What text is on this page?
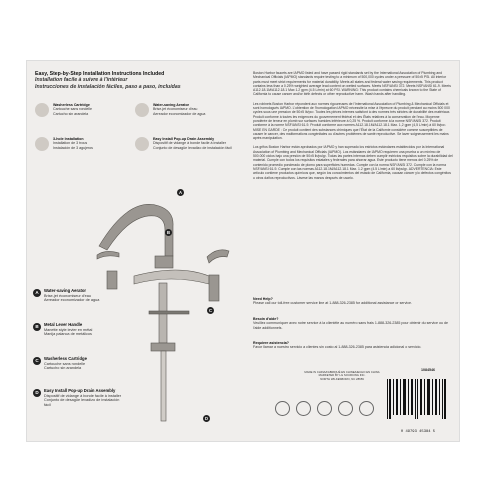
Easy, Step-by-Step Installation Instructions Included

Installation facile à suivre à l'intérieur

Instrucciones de instalación fáciles, paso a paso, incluidas

Washerless Cartridge
Cartouche sans rondelle
Cartucho sin arandela
Water-saving Aerator
Brise-jet économiseur d'eau
Aereador economizador de agua
3-hole Installation
Installation de 3 trous
Instalación de 3 agujeros
Easy Install Pop-up Drain Assembly
Dispositif de vidange à bonde facile à installer
Conjunto de desagüe levadizo de instalación fácil
A
B
C
D
A	Water-saving Aerator
Brise-jet économiseur d'eau
Aereador economizador de agua
B	Metal Lever Handle
Manette style levier en métal
Manija palanca de metálicos
C	Washerless Cartridge
Cartouche sans rondelle
Cartucho sin arandela
D	Easy Install Pop-up Drain Assembly
Dispositif de vidange à bonde facile à installer
Conjunto de desagüe levadizo de instalación fácil

Boston Harbor faucets are IAPMO listed and have passed rigid standards set by the International Association of Plumbing and Mechanical Officials (IAPMO) standards require testing to a minimum of 500,000 cycles under a pressure of 50±5 PSI. All interior parts must meet strict requirements for material durability. Meets all states and federal water saving requirements. This product contains less than a 0.25% weighted average lead content on wetted surfaces. Meets NSF/ANSI 372. Meets NSF/ANSI 61-9. Meets A112.18.1M/A112.18.1 Max 1.2 gpm (4.5 L/min) at 60 PSI. WARNING: This product contains chemicals known to the State of California to cause cancer and/or birth defects or other reproductive harm. Wash hands after handling.

Les robinets Boston Harbor répondent aux normes rigoureuses de l'International Association of Plumbing & Mechanical Officials et sont homologués IAPMO. L'obtention de l'homologation IAPMO nécessite la mise à l'épreuve du produit pendant au moins 500 000 cycles sous une pression de 50±5 lb/po². Toutes les pièces internes satisfont à des normes très strictes de durabilité des matériaux. Produit conforme à toutes les exigences du gouvernement fédéral et des États relatives à la conservation de l'eau. Moyenne pondérée de teneur en plomb sur surfaces humides inférieure à 0,25 %. Produit conforme à la norme NSF/ANSI 372. Produit conforme à la norme NSF/ANSI 61-9. Produit conforme aux normes A112.18.1M/A112.18.1 Max. 1,2 gpm (4,5 L/min) à 60 lb/po². MISE EN GARDE : Ce produit contient des substances chimiques que l'État de la Californie considère comme susceptibles de causer le cancer, des malformations congénitales ou d'autres problèmes de santé reproductive. Se laver soigneusement les mains après manipulation.

Los grifos Boston Harbor están aprobados por IAPMO y han superado los estrictos estándares establecidos por la International Association of Plumbing and Mechanical Officials (IAPMO). Los estándares de IAPMO requieren una prueba a un mínimo de 500.000 ciclos bajo una presión de 50±5 lb/pulg². Todas las partes internas deben cumplir estrictos requisitos sobre la durabilidad del material. Cumple con todos los requisitos estatales y federales para ahorrar agua. Este producto tiene menos del 0.25% de contenido promedio ponderado de plomo para superficies humedas. Cumple con la norma NSF/ANSI 372. Cumple con la norma NSF/ANSI 61-9. Cumple con las normas A112.18.1M/A112.18.1 Max. 1.2 gpm (4.5 L/min) a 60 lb/pulg². ADVERTENCIA: Este artículo contiene productos químicos que, según los conocimientos del estado de California, causan cáncer y/o defectos congénitos u otros daños reproductivos. Lávese las manos después de usarlo.

Need Help?
Please call our toll-free customer service line at 1-888-326-2385 for additional assistance or service.
Besoin d'aide?
Veuillez communiquer avec notre service à la clientèle au numéro sans frais 1-888-326-2385 pour obtenir du service ou de l'aide additionnels.
Requiere asistencia?
Favor llamar a nuestro servicio a clientes sin costo al 1-888-326-2385 para asistencia adicional o servicio.
MADE IN CHINA/FABRIQUÉ EN CHINE/HECHO EN CHINA
MARKETED BY LG SOURCING INC.
NORTH WILKESBORO, NC 28659
1084546
0 49793 45384 5
